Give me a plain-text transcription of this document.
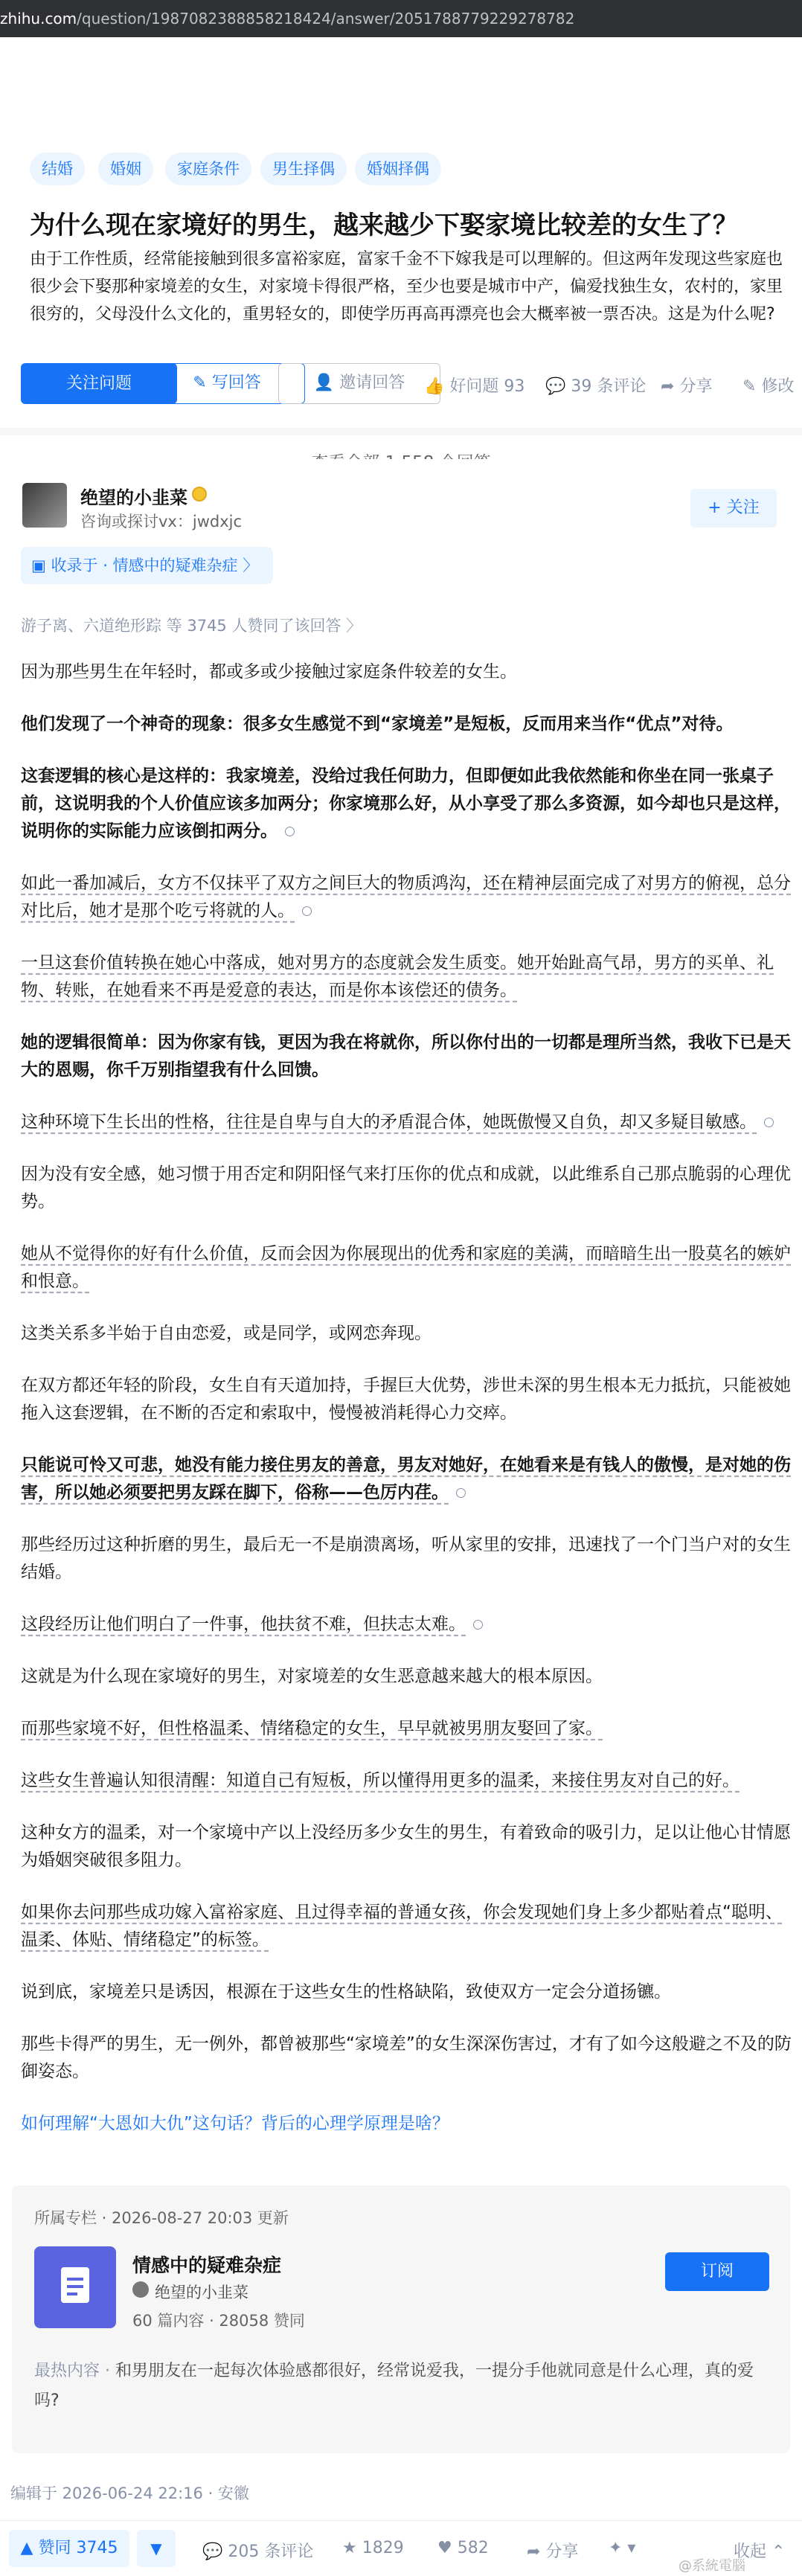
zhihu.com/question/1987082388858218424/answer/2051788779229278782
结婚	婚姻	家庭条件	男生择偶	婚姻择偶
为什么现在家境好的男生，越来越少下娶家境比较差的女生了？
由于工作性质，经常能接触到很多富裕家庭，富家千金不下嫁我是可以理解的。但这两年发现这些家庭也很少会下娶那种家境差的女生，对家境卡得很严格，至少也要是城市中产，偏爱找独生女，农村的，家里很穷的，父母没什么文化的，重男轻女的，即使学历再高再漂亮也会大概率被一票否决。这是为什么呢?
关注问题	✎ 写回答	👤 邀请回答	👍 好问题 93 💬 39 条评论 ➦ 分享 ✎ 修改
绝望的小韭菜
咨询或探讨vx：jwdxjc
+ 关注
▣ 收录于 · 情感中的疑难杂症 〉
游子离、六道绝形踪 等 3745 人赞同了该回答 〉
因为那些男生在年轻时，都或多或少接触过家庭条件较差的女生。
他们发现了一个神奇的现象：很多女生感觉不到“家境差”是短板，反而用来当作“优点”对待。
这套逻辑的核心是这样的：我家境差，没给过我任何助力，但即便如此我依然能和你坐在同一张桌子前，这说明我的个人价值应该多加两分；你家境那么好，从小享受了那么多资源，如今却也只是这样，说明你的实际能力应该倒扣两分。
如此一番加减后，女方不仅抹平了双方之间巨大的物质鸿沟，还在精神层面完成了对男方的俯视，总分对比后，她才是那个吃亏将就的人。
一旦这套价值转换在她心中落成，她对男方的态度就会发生质变。她开始趾高气昂，男方的买单、礼物、转账，在她看来不再是爱意的表达，而是你本该偿还的债务。
她的逻辑很简单：因为你家有钱，更因为我在将就你，所以你付出的一切都是理所当然，我收下已是天大的恩赐，你千万别指望我有什么回馈。
这种环境下生长出的性格，往往是自卑与自大的矛盾混合体，她既傲慢又自负，却又多疑目敏感。
因为没有安全感，她习惯于用否定和阴阳怪气来打压你的优点和成就，以此维系自己那点脆弱的心理优势。
她从不觉得你的好有什么价值，反而会因为你展现出的优秀和家庭的美满，而暗暗生出一股莫名的嫉妒和恨意。
这类关系多半始于自由恋爱，或是同学，或网恋奔现。
在双方都还年轻的阶段，女生自有天道加持，手握巨大优势，涉世未深的男生根本无力抵抗，只能被她拖入这套逻辑，在不断的否定和索取中，慢慢被消耗得心力交瘁。
只能说可怜又可悲，她没有能力接住男友的善意，男友对她好，在她看来是有钱人的傲慢，是对她的伤害，所以她必须要把男友踩在脚下，俗称——色厉内荏。
那些经历过这种折磨的男生，最后无一不是崩溃离场，听从家里的安排，迅速找了一个门当户对的女生结婚。
这段经历让他们明白了一件事，他扶贫不难，但扶志太难。
这就是为什么现在家境好的男生，对家境差的女生恶意越来越大的根本原因。
而那些家境不好，但性格温柔、情绪稳定的女生，早早就被男朋友娶回了家。
这些女生普遍认知很清醒：知道自己有短板，所以懂得用更多的温柔，来接住男友对自己的好。
这种女方的温柔，对一个家境中产以上没经历多少女生的男生，有着致命的吸引力，足以让他心甘情愿为婚姻突破很多阻力。
如果你去问那些成功嫁入富裕家庭、且过得幸福的普通女孩，你会发现她们身上多少都贴着点“聪明、温柔、体贴、情绪稳定”的标签。
说到底，家境差只是诱因，根源在于这些女生的性格缺陷，致使双方一定会分道扬镳。
那些卡得严的男生，无一例外，都曾被那些“家境差”的女生深深伤害过，才有了如今这般避之不及的防御姿态。
如何理解“大恩如大仇”这句话？背后的心理学原理是啥？
所属专栏 · 2026-08-27 20:03 更新
情感中的疑难杂症
绝望的小韭菜
60 篇内容 · 28058 赞同
订阅
最热内容 · 和男朋友在一起每次体验感都很好，经常说爱我，一提分手他就同意是什么心理，真的爱吗?
编辑于 2026-06-24 22:16 · 安徽
▲ 赞同 3745	▼	💬 205 条评论 ★ 1829 ♥ 582 ➦ 分享 ✦ ▾	收起 ⌃
@系統電腦
